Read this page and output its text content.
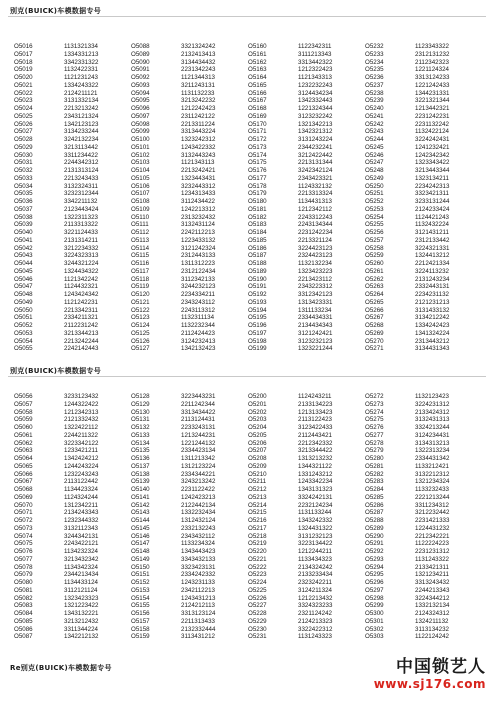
别克(BUICK)车模数据专号
O5016	1131321334	O5088	3321324242	O5160	1122342311	O5232	1123343322
O5017	1334331213	O5089	2132413413	O5161	3111213343	O5233	2312131232
O5018	3342331322	O5090	3134434432	O5162	3313442322	O5234	2112342323
O5019	1132422331	O5091	2231342243	O5163	1212322423	O5235	1221124324
O5020	1121231243	O5092	1121344313	O5164	1121343313	O5236	3313124233
O5021	1334243322	O5093	3211243131	O5165	1232232243	O5237	1221242433
O5022	2124211121	O5094	1131132233	O5166	3124434234	O5238	1344231331
O5023	3131332134	O5095	3213242232	O5167	1342332443	O5239	3221321344
O5024	2213213242	O5096	1212242423	O5168	1221324344	O5240	1213442321
O5025	2343121324	O5097	2311242122	O5169	3123232242	O5241	2231242231
O5026	1342123123	O5098	2213311224	O5170	1321342213	O5242	2231132242
O5027	3134233244	O5099	3313443224	O5171	1342321312	O5243	1132422124
O5028	3242132234	O5100	1323242312	O5172	3131243224	O5244	3224242431
O5029	3213113442	O5101	1243422332	O5173	2344232241	O5245	1241232421
O5030	3311234422	O5102	3132443243	O5174	3212422442	O5246	1242342342
O5031	2244342312	O5103	1121343113	O5175	2213131344	O5247	1323343422
O5032	2131313124	O5104	2213242421	O5176	3242342124	O5248	3213443344
O5033	2213243433	O5105	1323443431	O5177	2343423321	O5249	1323134211
O5034	3132324311	O5106	3232443312	O5178	1124332132	O5250	2234242313
O5035	3232312344	O5107	1234313433	O5179	2213313324	O5251	3323421311
O5036	3342211132	O5108	3112434422	O5180	1134431313	O5252	3233131244
O5037	2123443424	O5109	1242213312	O5181	1212342112	O5253	2124233424
O5038	1322311323	O5110	2313232432	O5182	2243312243	O5254	1124421243
O5039	2113313322	O5111	3132431124	O5183	2243134344	O5255	1132432224
O5040	3221124433	O5112	2242112213	O5184	2231242234	O5256	3121431211
O5041	2131314211	O5113	1223433132	O5185	2213321124	O5257	2312133442
O5042	3212234332	O5114	3121242324	O5186	3224423123	O5258	3224321331
O5043	3224323313	O5115	2312443133	O5187	2324423123	O5259	1324413212
O5044	3244321224	O5116	1311312223	O5188	1132132234	O5260	2212421334
O5045	1324434322	O5117	2312122434	O5189	1323423223	O5261	3224113232
O5046	1121342242	O5118	3112342133	O5190	2213423112	O5262	2131243234
O5047	1124432321	O5119	3244232123	O5191	2343223312	O5263	2332443131
O5048	1243424342	O5120	2234334211	O5192	3312342123	O5264	2234231132
O5049	1121242231	O5121	2343243112	O5193	1313423331	O5265	2121231213
O5050	2213342311	O5122	2243113312	O5194	1311133234	O5266	3131433132
O5051	2334211321	O5123	1132311134	O5195	2334434331	O5267	3134212242
O5052	2112231242	O5124	1132232344	O5196	2134434343	O5268	1334242423
O5053	3213344213	O5125	2112424423	O5197	3121242421	O5269	1341324224
O5054	2213242244	O5126	3124232413	O5198	3123232123	O5270	2313443212
O5055	2242142443	O5127	1342132423	O5199	1323221244	O5271	3134431343
别克(BUICK)车模数据专号
O5056	3233123432	O5128	3223443231	O5200	1124243211	O5272	1132123423
O5057	1244322422	O5129	2211242344	O5201	2133134223	O5273	3224231312
O5058	1212342313	O5130	3313434422	O5202	1213133423	O5274	2133424312
O5059	2121332432	O5131	2113124431	O5203	2113122423	O5275	3132431313
O5060	1322422112	O5132	2233243131	O5204	3123422433	O5276	3324213244
O5061	2244211322	O5133	1213244231	O5205	2112443421	O5277	3124234431
O5062	3223342122	O5134	1221244132	O5206	2212342332	O5278	3134313213
O5063	1233421211	O5135	2334423134	O5207	3213344422	O5279	1322313234
O5064	1342424212	O5136	1311213342	O5208	1313213232	O5280	2334431342
O5065	1244243224	O5137	1312123224	O5209	1344321122	O5281	1133212421
O5066	1232243243	O5138	2334344221	O5210	1331243212	O5282	3132212312
O5067	2113122442	O5139	3243213242	O5211	1243342234	O5283	1321234324
O5068	1134423324	O5140	2231122422	O5212	1343131323	O5284	1133232433
O5069	1124324244	O5141	1242423213	O5213	3324242131	O5285	2221213244
O5070	1312342211	O5142	2122442134	O5214	2232124234	O5286	3311234312
O5071	2134243343	O5143	1332232434	O5215	1131133244	O5287	3212232442
O5072	1232344332	O5144	1312432124	O5216	1343242332	O5288	2231421333
O5073	3132112343	O5145	2332132243	O5217	1324431322	O5289	1224431232
O5074	3244342131	O5146	2343432112	O5218	3131232123	O5290	2212342221
O5075	2243422121	O5147	1133234324	O5219	3223134422	O5291	1122224223
O5076	1134232324	O5148	1343443423	O5220	1212244211	O5292	2231231312
O5077	3213432342	O5149	3343432133	O5221	1133434323	O5293	1131243322
O5078	1134342324	O5150	3323423131	O5222	2134324242	O5294	2133421311
O5079	2344213434	O5151	2334242332	O5223	2133233434	O5295	1321234211
O5080	1134433124	O5152	1243231133	O5224	2323242211	O5296	3313243432
O5081	3112121124	O5153	2342112213	O5225	3124211324	O5297	2244213343
O5082	1323423323	O5154	1243431213	O5226	1212213432	O5298	3224344212
O5083	1321223422	O5155	2124212113	O5227	3324323233	O5299	1332132134
O5084	1343132221	O5156	3313123124	O5228	2321124242	O5300	2124324312
O5085	3213212432	O5157	2211313433	O5229	2124213323	O5301	1324211132
O5086	3311344224	O5158	2132332444	O5230	3322422312	O5302	3113134232
O5087	1342212132	O5159	3113431212	O5231	1131243323	O5303	1122124242
Re别克(BUICK)车模数据专号	中国锁艺人
www.sj176.com
